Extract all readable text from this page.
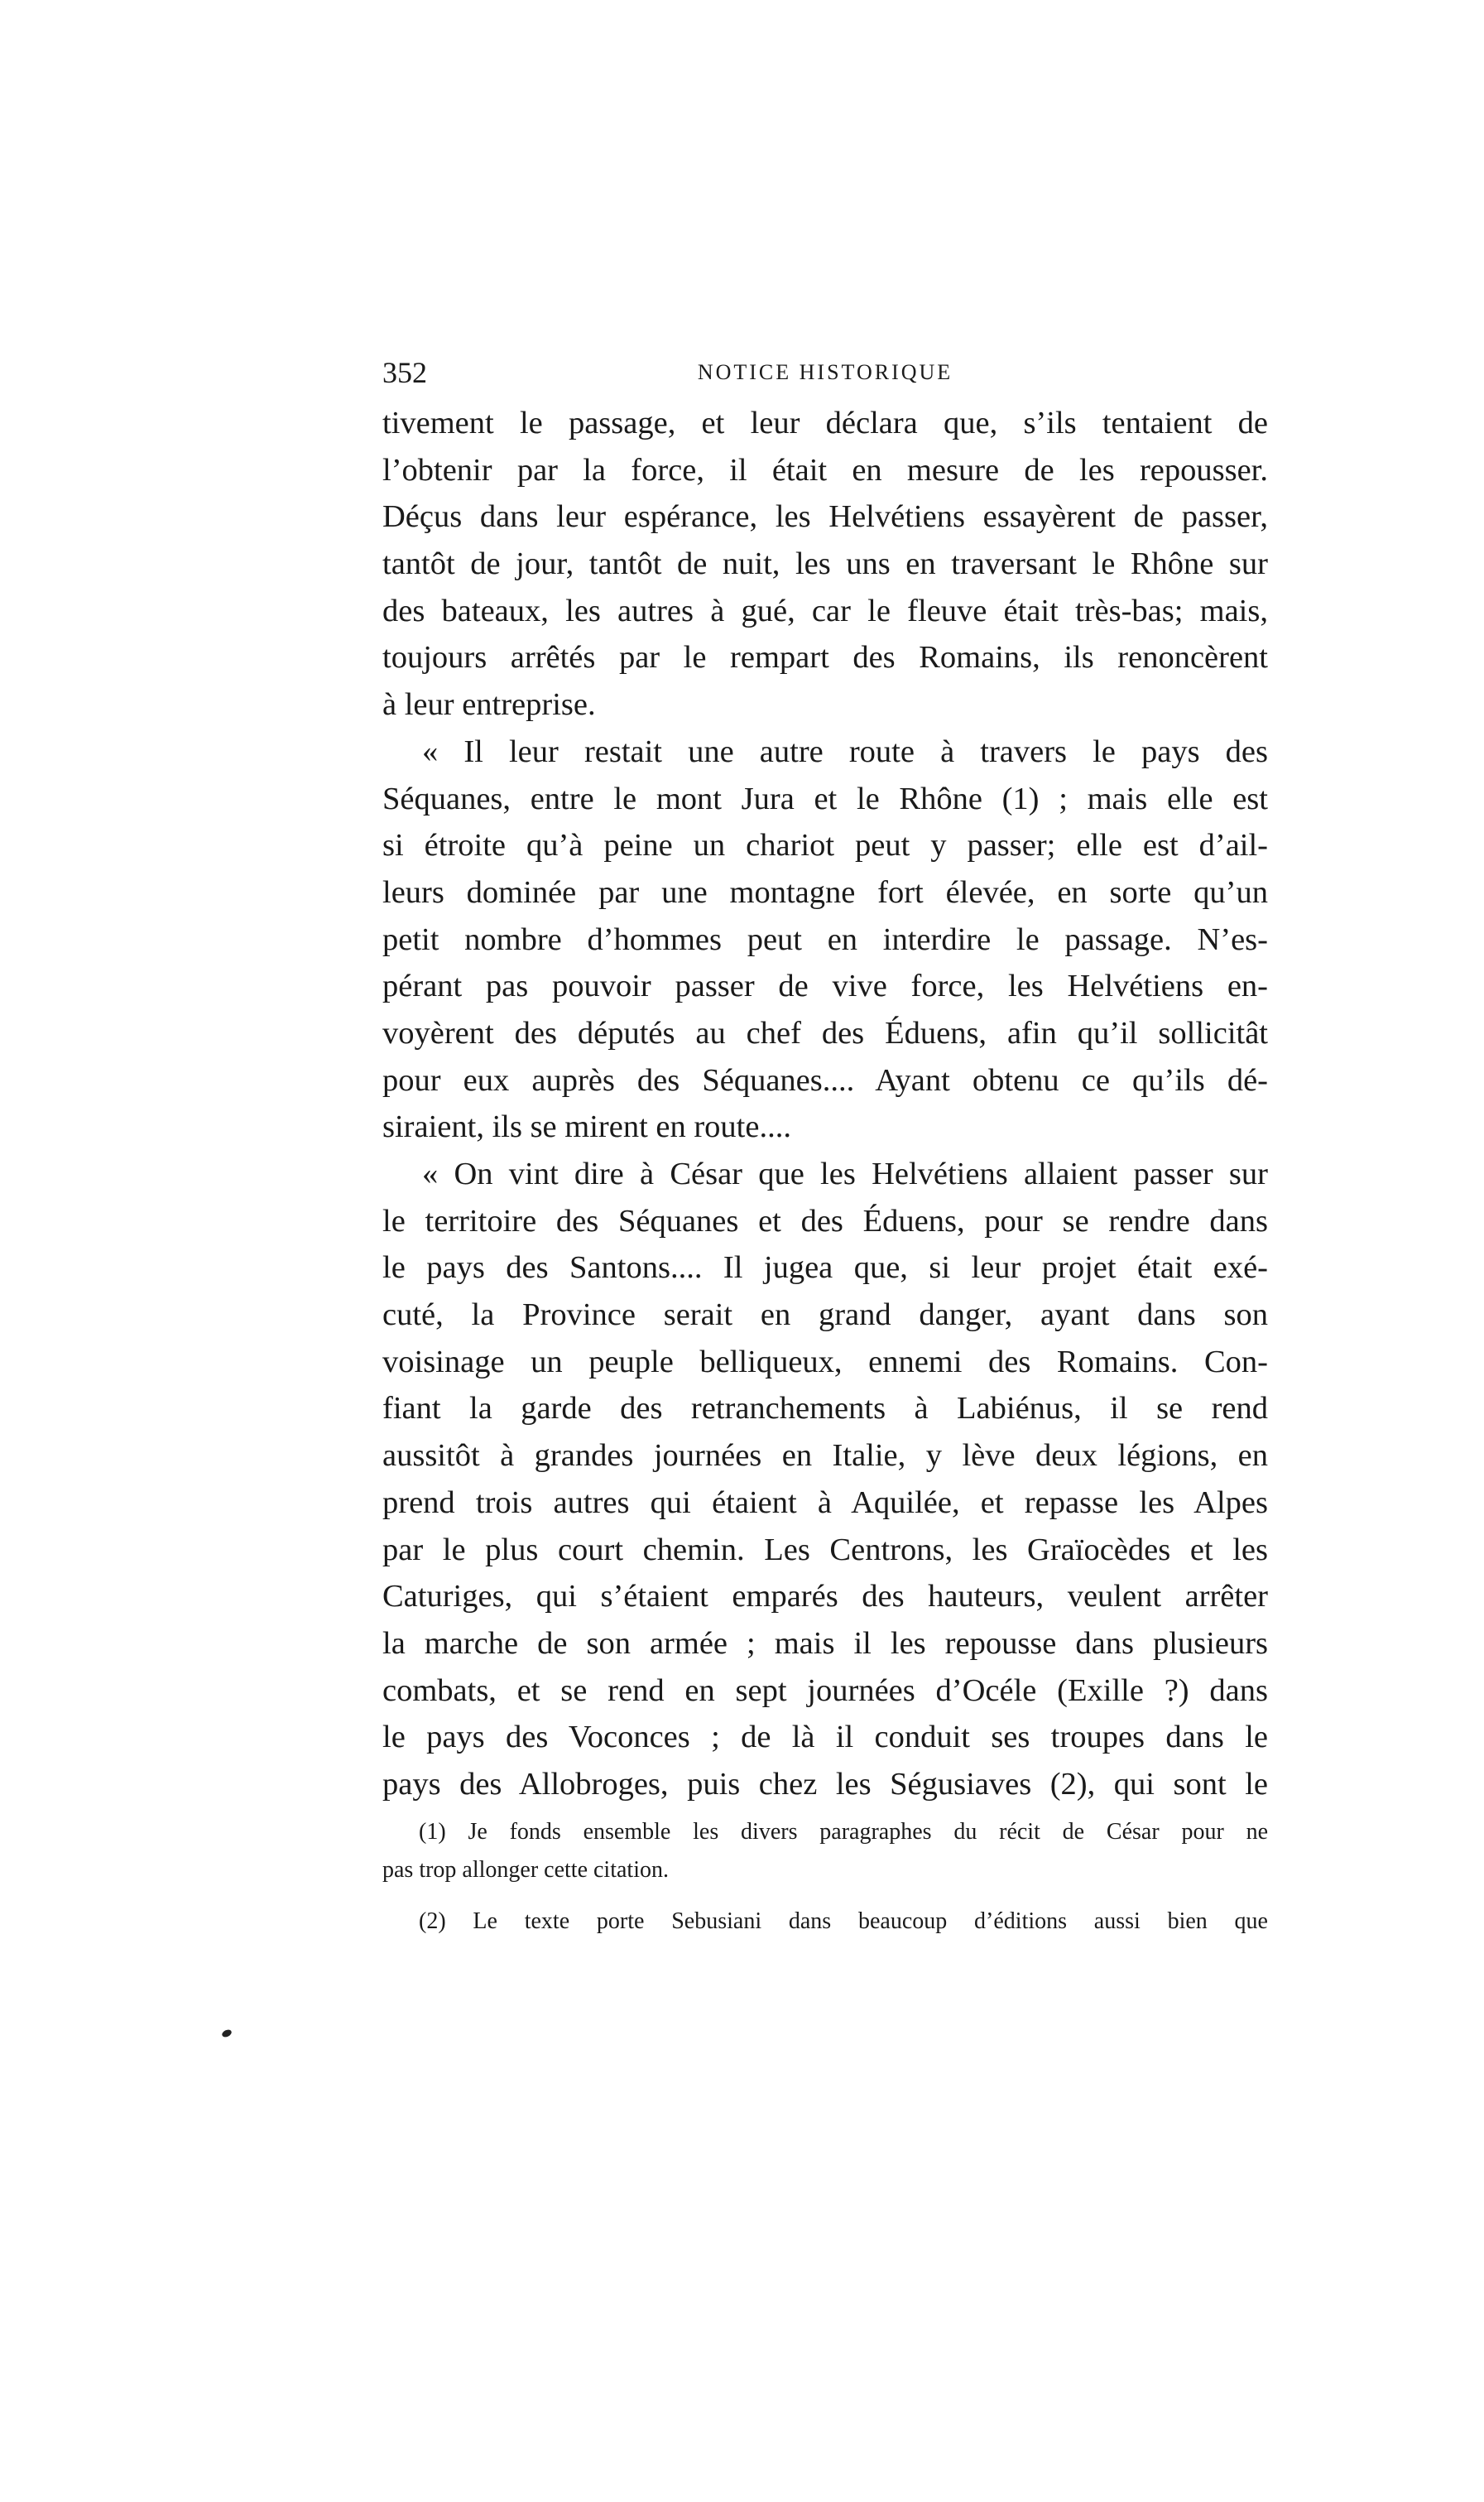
352	NOTICE HISTORIQUE
tivement le passage, et leur déclara que, s’ils tentaient de
l’obtenir par la force, il était en mesure de les repousser.
Déçus dans leur espérance, les Helvétiens essayèrent de passer,
tantôt de jour, tantôt de nuit, les uns en traversant le Rhône sur
des bateaux, les autres à gué, car le fleuve était très-bas; mais,
toujours arrêtés par le rempart des Romains, ils renoncèrent
à leur entreprise.
« Il leur restait une autre route à travers le pays des
Séquanes, entre le mont Jura et le Rhône (1) ; mais elle est
si étroite qu’à peine un chariot peut y passer; elle est d’ail-
leurs dominée par une montagne fort élevée, en sorte qu’un
petit nombre d’hommes peut en interdire le passage. N’es-
pérant pas pouvoir passer de vive force, les Helvétiens en-
voyèrent des députés au chef des Éduens, afin qu’il sollicitât
pour eux auprès des Séquanes.... Ayant obtenu ce qu’ils dé-
siraient, ils se mirent en route....
« On vint dire à César que les Helvétiens allaient passer sur
le territoire des Séquanes et des Éduens, pour se rendre dans
le pays des Santons.... Il jugea que, si leur projet était exé-
cuté, la Province serait en grand danger, ayant dans son
voisinage un peuple belliqueux, ennemi des Romains. Con-
fiant la garde des retranchements à Labiénus, il se rend
aussitôt à grandes journées en Italie, y lève deux légions, en
prend trois autres qui étaient à Aquilée, et repasse les Alpes
par le plus court chemin. Les Centrons, les Graïocèdes et les
Caturiges, qui s’étaient emparés des hauteurs, veulent arrêter
la marche de son armée ; mais il les repousse dans plusieurs
combats, et se rend en sept journées d’Océle (Exille ?) dans
le pays des Voconces ; de là il conduit ses troupes dans le
pays des Allobroges, puis chez les Ségusiaves (2), qui sont le
(1) Je fonds ensemble les divers paragraphes du récit de César pour ne
pas trop allonger cette citation.
(2) Le texte porte Sebusiani dans beaucoup d’éditions aussi bien que
